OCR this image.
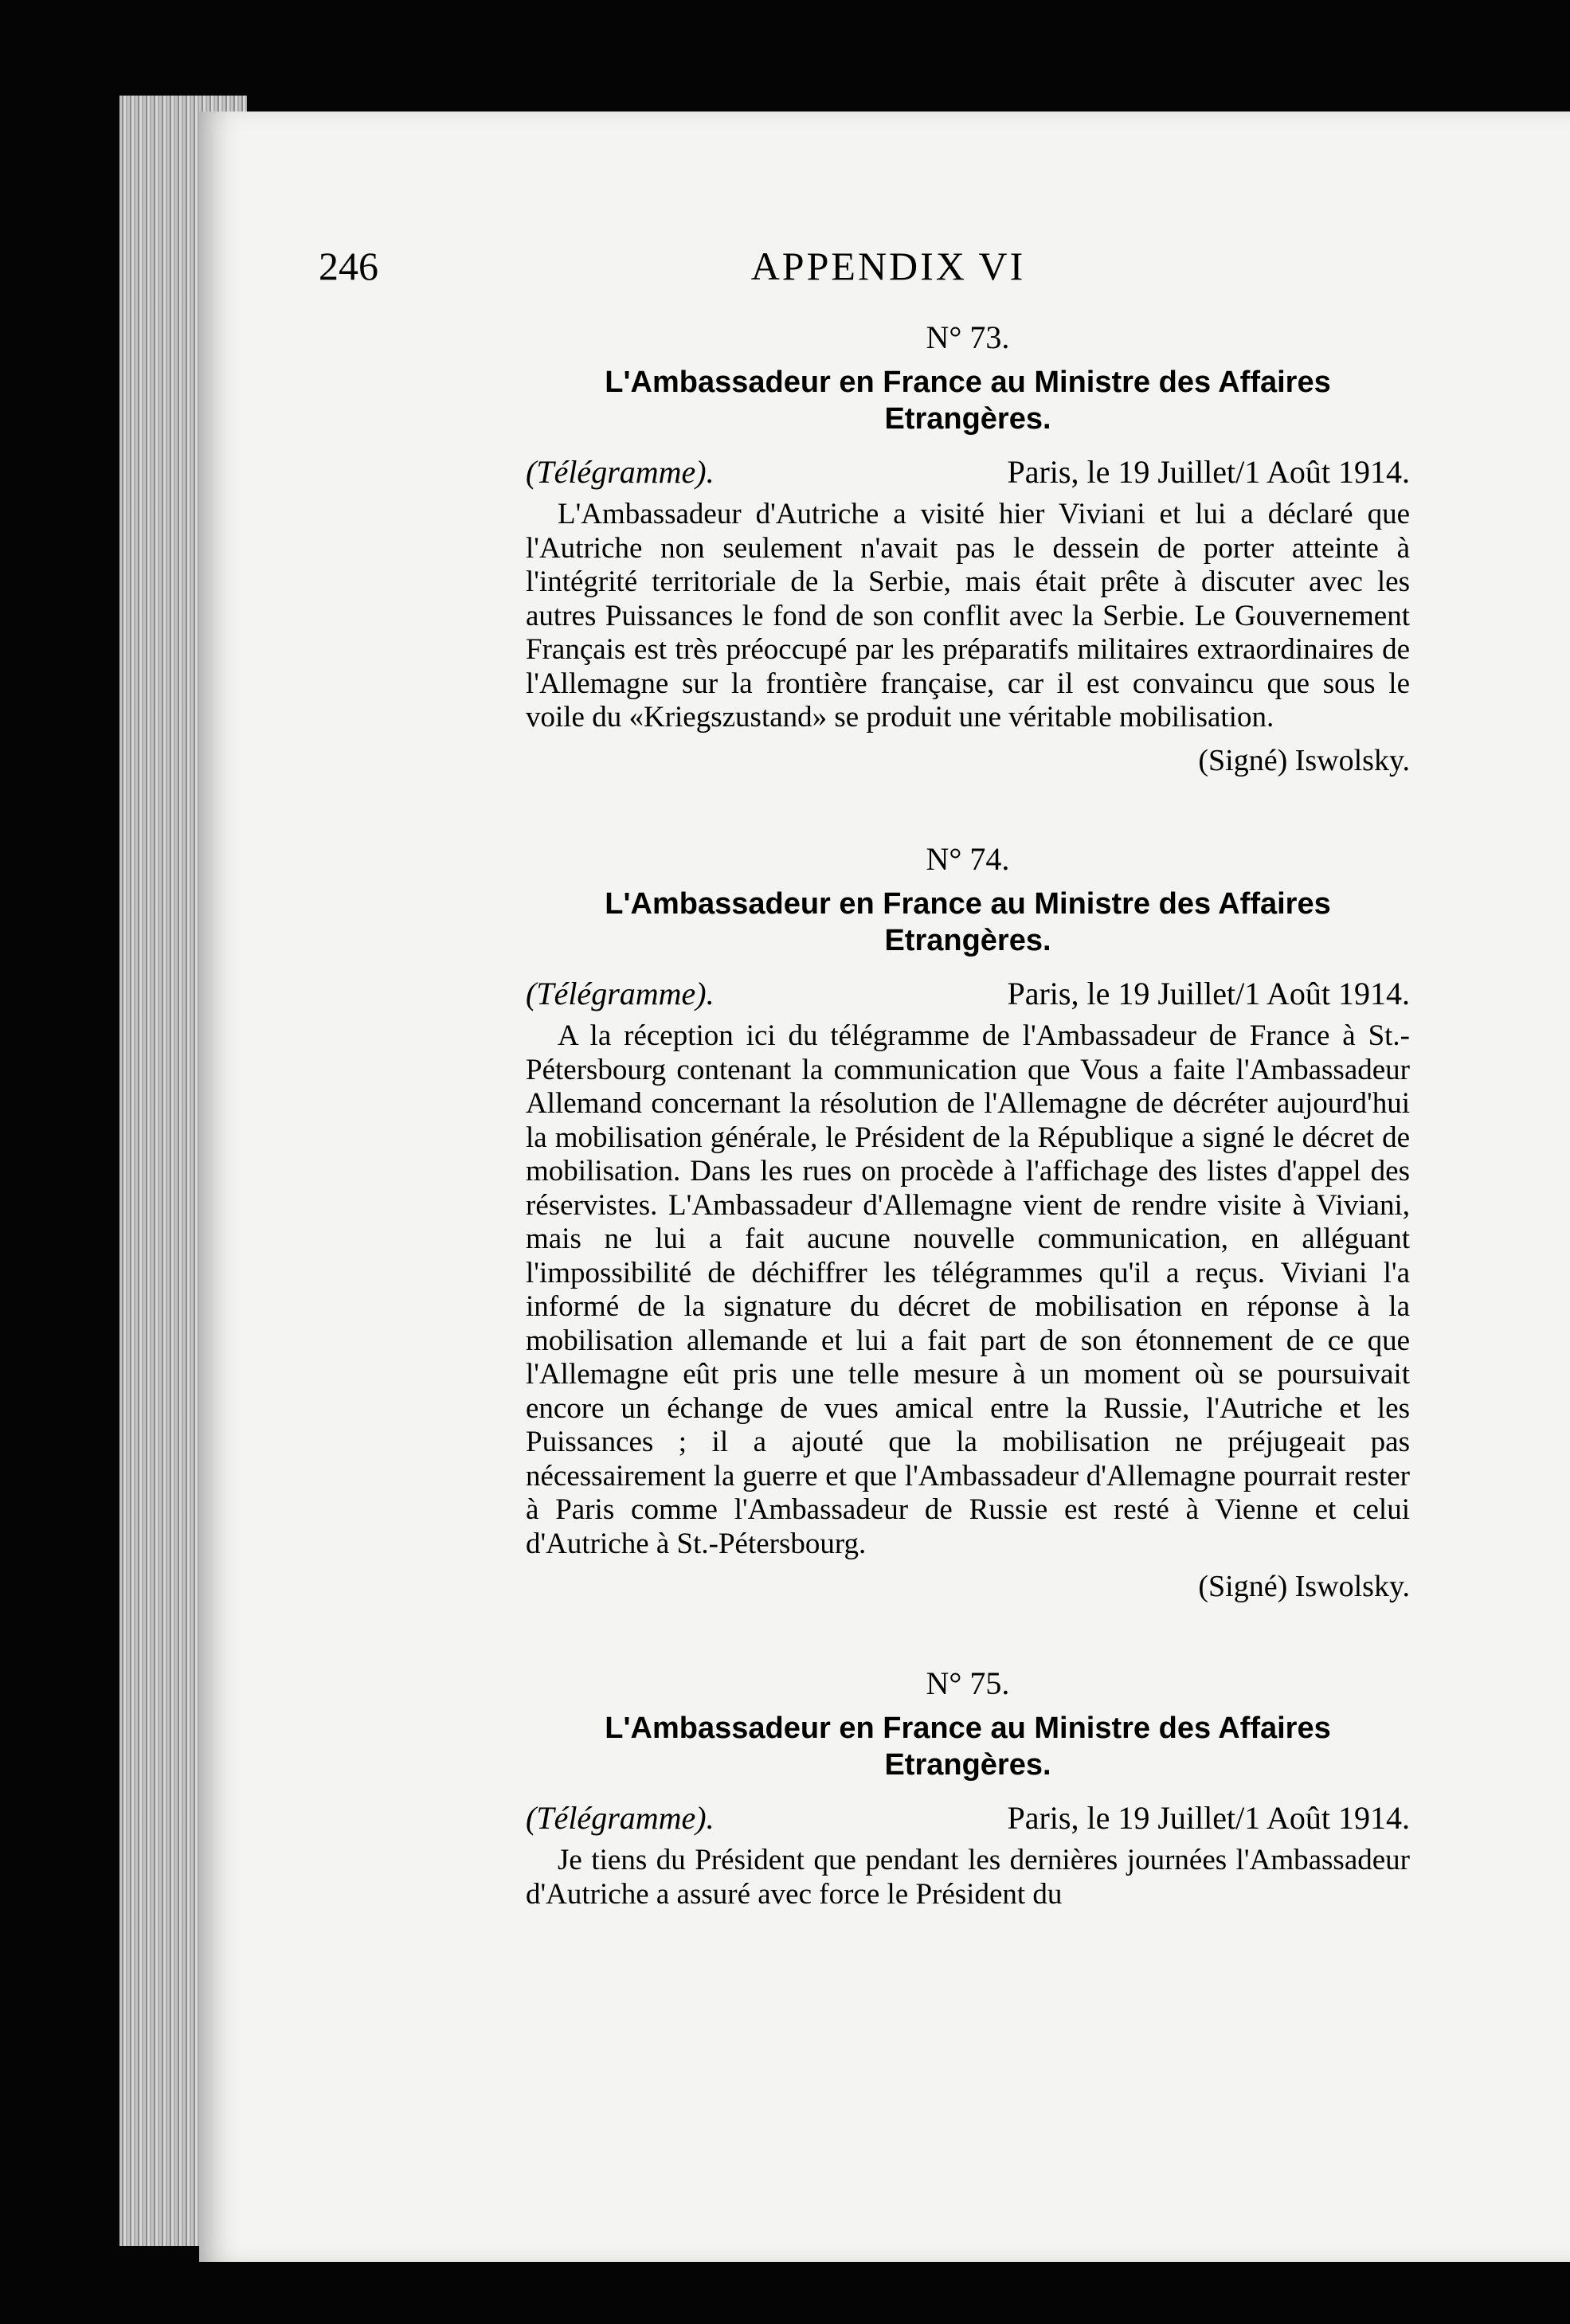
246	APPENDIX VI
N° 73.
L'Ambassadeur en France au Ministre des Affaires
Etrangères.
(Télégramme).	Paris, le 19 Juillet/1 Août 1914.

L'Ambassadeur d'Autriche a visité hier Viviani et lui a déclaré que l'Autriche non seulement n'avait pas le dessein de porter atteinte à l'intégrité territoriale de la Serbie, mais était prête à discuter avec les autres Puissances le fond de son conflit avec la Serbie. Le Gouvernement Français est très préoccupé par les préparatifs militaires extraordinaires de l'Allemagne sur la frontière française, car il est convaincu que sous le voile du «Kriegszustand» se produit une véritable mobilisation.

(Signé) Iswolsky.
N° 74.
L'Ambassadeur en France au Ministre des Affaires
Etrangères.
(Télégramme).	Paris, le 19 Juillet/1 Août 1914.

A la réception ici du télégramme de l'Ambassadeur de France à St.-Pétersbourg contenant la communication que Vous a faite l'Ambassadeur Allemand concernant la résolution de l'Allemagne de décréter aujourd'hui la mobilisation générale, le Président de la République a signé le décret de mobilisation. Dans les rues on procède à l'affichage des listes d'appel des réservistes. L'Ambassadeur d'Allemagne vient de rendre visite à Viviani, mais ne lui a fait aucune nouvelle communication, en alléguant l'impossibilité de déchiffrer les télégrammes qu'il a reçus. Viviani l'a informé de la signature du décret de mobilisation en réponse à la mobilisation allemande et lui a fait part de son étonnement de ce que l'Allemagne eût pris une telle mesure à un moment où se poursuivait encore un échange de vues amical entre la Russie, l'Autriche et les Puissances ; il a ajouté que la mobilisation ne préjugeait pas nécessairement la guerre et que l'Ambassadeur d'Allemagne pourrait rester à Paris comme l'Ambassadeur de Russie est resté à Vienne et celui d'Autriche à St.-Pétersbourg.

(Signé) Iswolsky.
N° 75.
L'Ambassadeur en France au Ministre des Affaires
Etrangères.
(Télégramme).	Paris, le 19 Juillet/1 Août 1914.

Je tiens du Président que pendant les dernières journées l'Ambassadeur d'Autriche a assuré avec force le Président du
